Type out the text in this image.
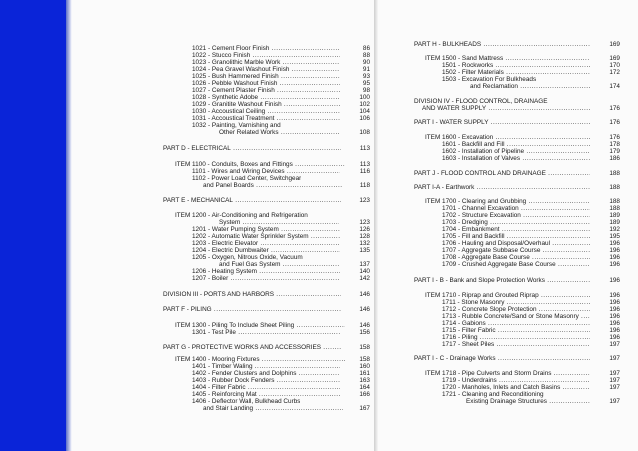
1021 - Cement Floor Finish .....	86
1022 - Stucco Finish .....	88
1023 - Granolithic Marble Work .....	90
1024 - Pea Gravel Washout Finish .....	91
1025 - Bush Hammered Finish .....	93
1026 - Pebble Washout Finish .....	95
1027 - Cement Plaster Finish .....	98
1028 - Synthetic Adobe .....	100
1029 - Granitite Washout Finish .....	102
1030 - Accoustical Ceiling .....	104
1031 - Accoustical Treatment .....	106
1032 - Painting, Varnishing and
Other Related Works .....	108
PART D - ELECTRICAL .....	113
ITEM 1100 - Conduits, Boxes and Fittings .....	113
1101 - Wires and Wiring Devices .....	116
1102 - Power Load Center, Switchgear
and Panel Boards .....	118
PART E - MECHANICAL .....	123
ITEM 1200 - Air-Conditioning and Refrigeration
System .....	123
1201 - Water Pumping System .....	126
1202 - Automatic Water Sprinkler System .....	128
1203 - Electric Elevator .....	132
1204 - Electric Dumbwaiter .....	135
1205 - Oxygen, Nitrous Oxide, Vacuum
and Fuel Gas System .....	137
1206 - Heating System .....	140
1207 - Boiler .....	142
DIVISION III - PORTS AND HARBORS .....	146
PART F - PILING .....	146
ITEM 1300 - Piling To Include Sheet Piling .....	146
1301 - Test Pile .....	156
PART G - PROTECTIVE WORKS AND ACCESSORIES .....	158
ITEM 1400 - Mooring Fixtures .....	158
1401 - Timber Waling .....	160
1402 - Fender Clusters and Dolphins .....	161
1403 - Rubber Dock Fenders .....	163
1404 - Filter Fabric .....	164
1405 - Reinforcing Mat .....	166
1406 - Deflector Wall, Bulkhead Curbs
and Stair Landing .....	167
PART H - BULKHEADS .....	169
ITEM 1500 - Sand Mattress .....	169
1501 - Rockworks .....	170
1502 - Filter Materials .....	172
1503 - Excavation For Bulkheads
and Reclamation .....	174
DIVISION IV - FLOOD CONTROL, DRAINAGE
AND WATER SUPPLY .....	176
PART I - WATER SUPPLY .....	176
ITEM 1600 - Excavation .....	176
1601 - Backfill and Fill .....	178
1602 - Installation of Pipeline .....	179
1603 - Installation of Valves .....	186
PART J - FLOOD CONTROL AND DRAINAGE .....	188
PART I-A - Earthwork .....	188
ITEM 1700 - Clearing and Grubbing .....	188
1701 - Channel Excavation .....	188
1702 - Structure Excavation .....	189
1703 - Dredging .....	189
1704 - Embankment .....	192
1705 - Fill and Backfill .....	195
1706 - Hauling and Disposal/Overhaul .....	196
1707 - Aggregate Subbase Course .....	196
1708 - Aggregate Base Course .....	196
1709 - Crushed Aggregate Base Course .....	196
PART I - B - Bank and Slope Protection Works .....	196
ITEM 1710 - Riprap and Grouted Riprap .....	196
1711 - Stone Masonry .....	196
1712 - Concrete Slope Protection .....	196
1713 - Rubble Concrete/Sand or Stone Masonry .....	196
1714 - Gabions .....	196
1715 - Filter Fabric .....	196
1716 - Piling .....	196
1717 - Sheet Piles .....	197
PART I - C - Drainage Works .....	197
ITEM 1718 - Pipe Culverts and Storm Drains .....	197
1719 - Underdrains .....	197
1720 - Manholes, Inlets and Catch Basins .....	197
1721 - Cleaning and Reconditioning
Existing Drainage Structures .....	197
